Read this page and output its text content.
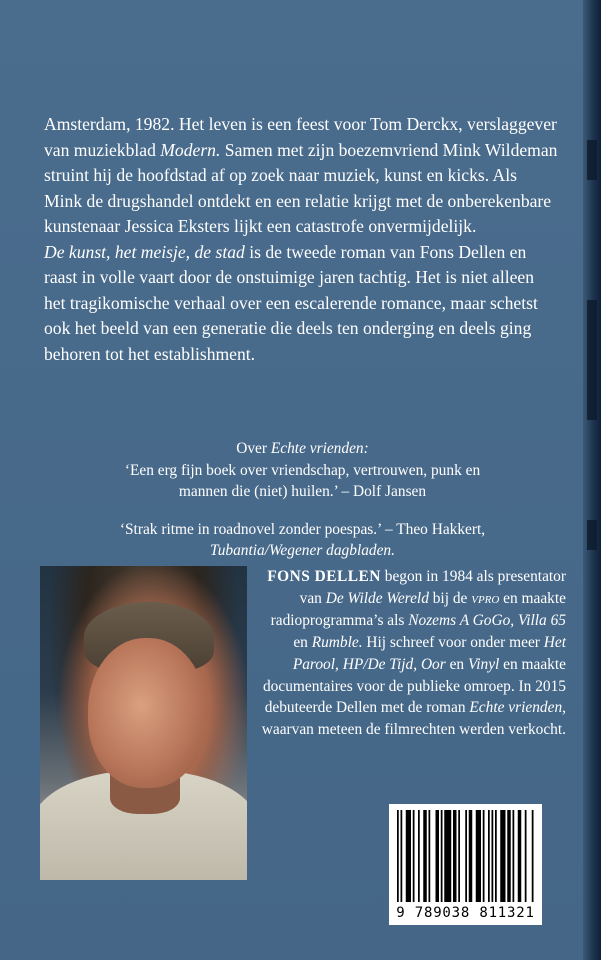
Amsterdam, 1982. Het leven is een feest voor Tom Derckx, verslaggever van muziekblad Modern. Samen met zijn boezemvriend Mink Wildeman struint hij de hoofdstad af op zoek naar muziek, kunst en kicks. Als Mink de drugshandel ontdekt en een relatie krijgt met de onberekenbare kunstenaar Jessica Eksters lijkt een catastrofe onvermijdelijk.

De kunst, het meisje, de stad is de tweede roman van Fons Dellen en raast in volle vaart door de onstuimige jaren tachtig. Het is niet alleen het tragikomische verhaal over een escalerende romance, maar schetst ook het beeld van een generatie die deels ten onderging en deels ging behoren tot het establishment.

Over Echte vrienden:

‘Een erg fijn boek over vriendschap, vertrouwen, punk en

mannen die (niet) huilen.’ – Dolf Jansen

‘Strak ritme in roadnovel zonder poespas.’ – Theo Hakkert,

Tubantia/Wegener dagbladen.

FONS DELLEN begon in 1984 als presentator van De Wilde Wereld bij de vpro en maakte radioprogramma’s als Nozems A GoGo, Villa 65 en Rumble. Hij schreef voor onder meer Het Parool, HP/De Tijd, Oor en Vinyl en maakte documentaires voor de publieke omroep. In 2015 debuteerde Dellen met de roman Echte vrienden, waarvan meteen de filmrechten werden verkocht.
9 789038 811321
